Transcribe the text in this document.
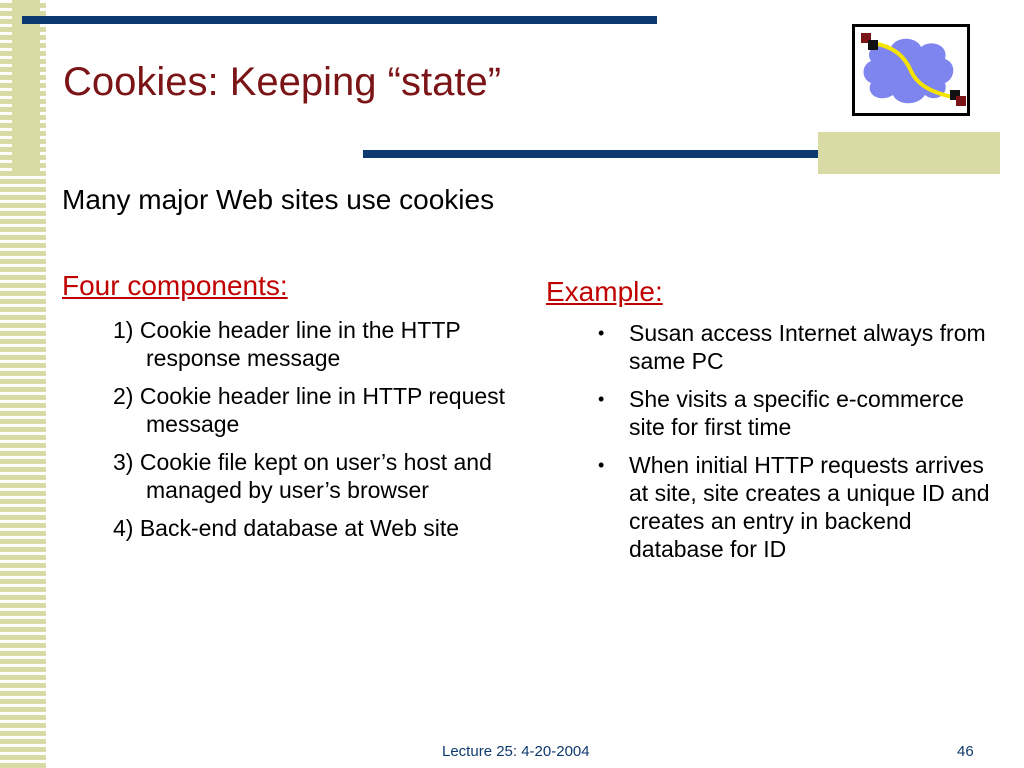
Cookies: Keeping “state”

Many major Web sites use cookies

Four components:
1) Cookie header line in the HTTP response message
2) Cookie header line in HTTP request message
3) Cookie file kept on user’s host and managed by user’s browser
4) Back-end database at Web site
Example:
• Susan access Internet always from same PC
• She visits a specific e-commerce site for first time
• When initial HTTP requests arrives at site, site creates a unique ID and creates an entry in backend database for ID

Lecture 25: 4-20-2004	46
